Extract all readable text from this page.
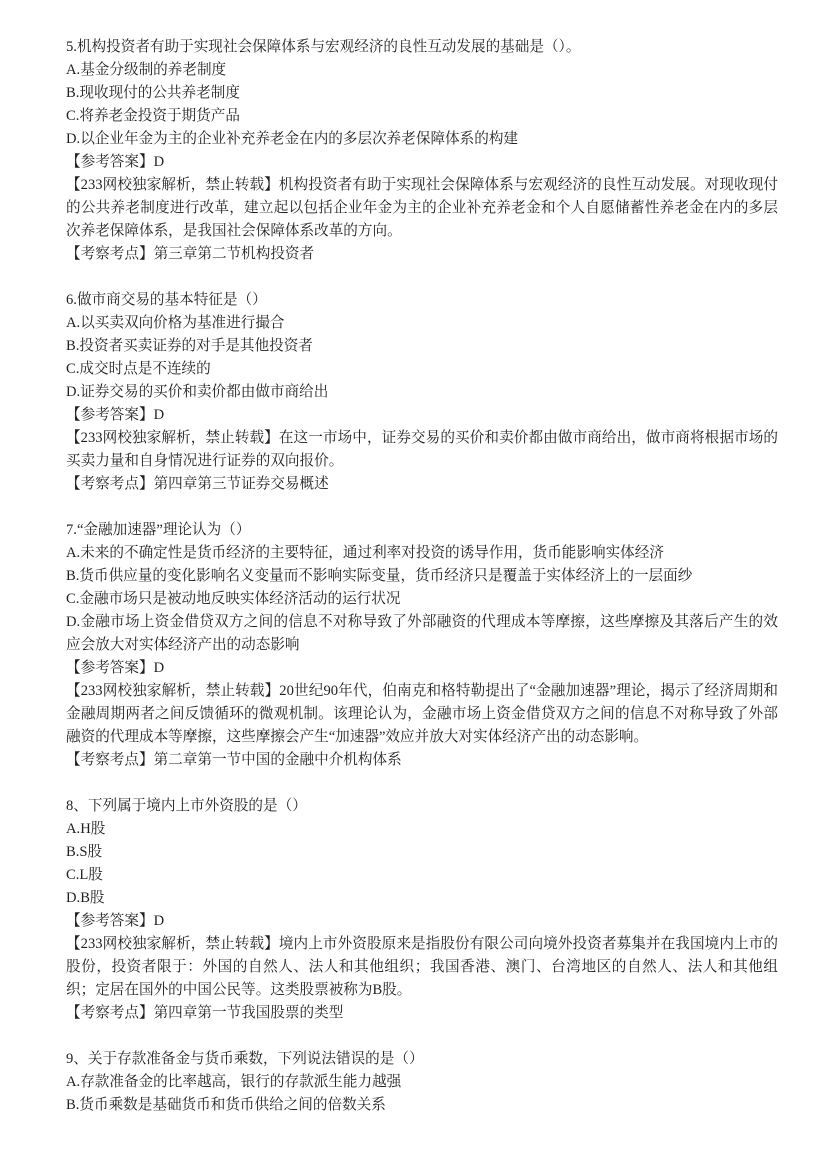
5.机构投资者有助于实现社会保障体系与宏观经济的良性互动发展的基础是（）。
A.基金分级制的养老制度
B.现收现付的公共养老制度
C.将养老金投资于期货产品
D.以企业年金为主的企业补充养老金在内的多层次养老保障体系的构建
【参考答案】D
【233网校独家解析，禁止转载】机构投资者有助于实现社会保障体系与宏观经济的良性互动发展。对现收现付的公共养老制度进行改革，建立起以包括企业年金为主的企业补充养老金和个人自愿储蓄性养老金在内的多层次养老保障体系，是我国社会保障体系改革的方向。
【考察考点】第三章第二节机构投资者
6.做市商交易的基本特征是（）
A.以买卖双向价格为基准进行撮合
B.投资者买卖证券的对手是其他投资者
C.成交时点是不连续的
D.证券交易的买价和卖价都由做市商给出
【参考答案】D
【233网校独家解析，禁止转载】在这一市场中，证券交易的买价和卖价都由做市商给出，做市商将根据市场的买卖力量和自身情况进行证券的双向报价。
【考察考点】第四章第三节证券交易概述
7.“金融加速器”理论认为（）
A.未来的不确定性是货币经济的主要特征，通过利率对投资的诱导作用，货币能影响实体经济
B.货币供应量的变化影响名义变量而不影响实际变量，货币经济只是覆盖于实体经济上的一层面纱
C.金融市场只是被动地反映实体经济活动的运行状况
D.金融市场上资金借贷双方之间的信息不对称导致了外部融资的代理成本等摩擦，这些摩擦及其落后产生的效应会放大对实体经济产出的动态影响
【参考答案】D
【233网校独家解析，禁止转载】20世纪90年代，伯南克和格特勒提出了“金融加速器”理论，揭示了经济周期和金融周期两者之间反馈循环的微观机制。该理论认为，金融市场上资金借贷双方之间的信息不对称导致了外部融资的代理成本等摩擦，这些摩擦会产生“加速器”效应并放大对实体经济产出的动态影响。
【考察考点】第二章第一节中国的金融中介机构体系
8、下列属于境内上市外资股的是（）
A.H股
B.S股
C.L股
D.B股
【参考答案】D
【233网校独家解析，禁止转载】境内上市外资股原来是指股份有限公司向境外投资者募集并在我国境内上市的股份，投资者限于：外国的自然人、法人和其他组织；我国香港、澳门、台湾地区的自然人、法人和其他组织；定居在国外的中国公民等。这类股票被称为B股。
【考察考点】第四章第一节我国股票的类型
9、关于存款准备金与货币乘数，下列说法错误的是（）
A.存款准备金的比率越高，银行的存款派生能力越强
B.货币乘数是基础货币和货币供给之间的倍数关系
